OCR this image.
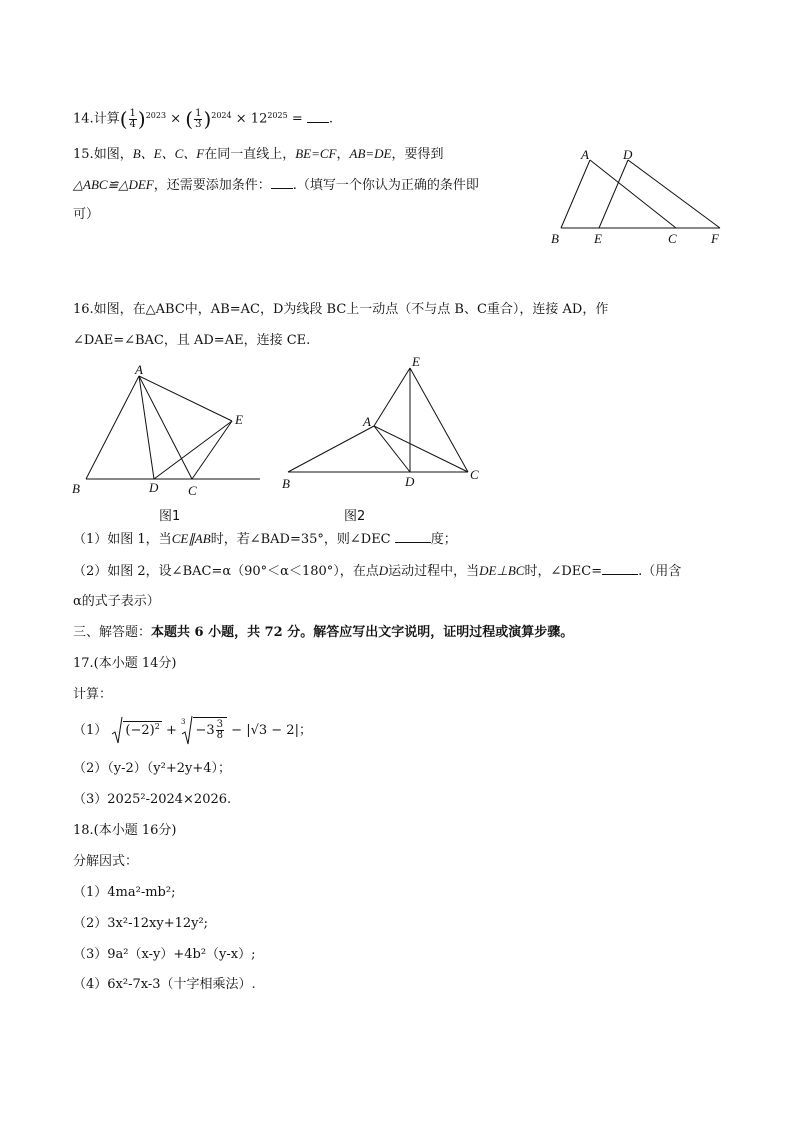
14.计算( $\frac{1}{4} )^{2023}$ × ( $\frac{1}{3} )^{2024} \times 12^{2025}$ = .
15.如图，B、E、C、F在同一直线上，BE=CF，AB=DE，要得到
△ABC≌△DEF，还需要添加条件： .（填写一个你认为正确的条件即
可）
A	D
B	E	C	F
16.如图，在△ABC中，AB=AC，D为线段 BC上一动点（不与点 B、C重合），连接 AD，作
∠DAE=∠BAC，且 AD=AE，连接 CE.
A
B	D C
E
图1
E
A
B	D	C
图2
（1）如图 1，当CE∥AB时，若∠BAD=35°，则∠DEC	度；
（2）如图 2，设∠BAC=α（90°＜α＜180°），在点D运动过程中，当DE⊥BC时，∠DEC=	.（用含
α的式子表示）
三、解答题：本题共 6 小题，共 72 分。解答应写出文字说明，证明过程或演算步骤。
17.(本小题 14分)
计算：
（1） $(-2)^2 + ^3-3 \frac{3}{8} - |√3 - 2|$；
（2）（y-2）（y²+2y+4）；
（3）2025²-2024×2026.
18.(本小题 16分)
分解因式：
（1）4ma²-mb²;
（2）3x²-12xy+12y²;
（3）9a²（x-y）+4b²（y-x）;
（4）6x²-7x-3（十字相乘法）.
